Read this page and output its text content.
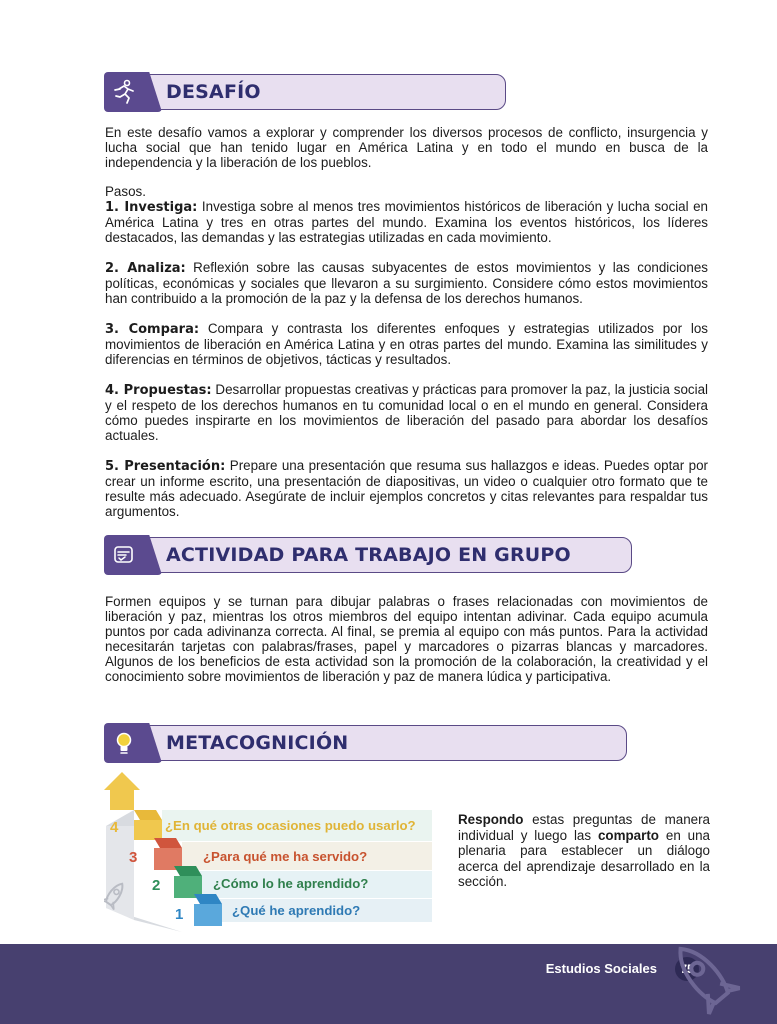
DESAFÍO

En este desafío vamos a explorar y comprender los diversos procesos de conflicto, insurgencia y lucha social que han tenido lugar en América Latina y en todo el mundo en busca de la independencia y la liberación de los pueblos.

Pasos.

1. Investiga: Investiga sobre al menos tres movimientos históricos de liberación y lucha social en América Latina y tres en otras partes del mundo. Examina los eventos históricos, los líderes destacados, las demandas y las estrategias utilizadas en cada movimiento.

2. Analiza: Reflexión sobre las causas subyacentes de estos movimientos y las condiciones políticas, económicas y sociales que llevaron a su surgimiento. Considere cómo estos movimientos han contribuido a la promoción de la paz y la defensa de los derechos humanos.

3. Compara: Compara y contrasta los diferentes enfoques y estrategias utilizados por los movimientos de liberación en América Latina y en otras partes del mundo. Examina las similitudes y diferencias en términos de objetivos, tácticas y resultados.

4. Propuestas: Desarrollar propuestas creativas y prácticas para promover la paz, la justicia social y el respeto de los derechos humanos en tu comunidad local o en el mundo en general. Considera cómo puedes inspirarte en los movimientos de liberación del pasado para abordar los desafíos actuales.

5. Presentación: Prepare una presentación que resuma sus hallazgos e ideas. Puedes optar por crear un informe escrito, una presentación de diapositivas, un video o cualquier otro formato que te resulte más adecuado. Asegúrate de incluir ejemplos concretos y citas relevantes para respaldar tus argumentos.

ACTIVIDAD PARA TRABAJO EN GRUPO

Formen equipos y se turnan para dibujar palabras o frases relacionadas con movimientos de liberación y paz, mientras los otros miembros del equipo intentan adivinar. Cada equipo acumula puntos por cada adivinanza correcta. Al final, se premia al equipo con más puntos. Para la actividad necesitarán tarjetas con palabras/frases, papel y marcadores o pizarras blancas y marcadores. Algunos de los beneficios de esta actividad son la promoción de la colaboración, la creatividad y el conocimiento sobre movimientos de liberación y paz de manera lúdica y participativa.

METACOGNICIÓN
4	¿En qué otras ocasiones puedo usarlo?
3	¿Para qué me ha servido?
2	¿Cómo lo he aprendido?
1	¿Qué he aprendido?
Respondo estas preguntas de manera individual y luego las comparto en una plenaria para establecer un diálogo acerca del aprendizaje desarrollado en la sección.
Estudios Sociales	75
